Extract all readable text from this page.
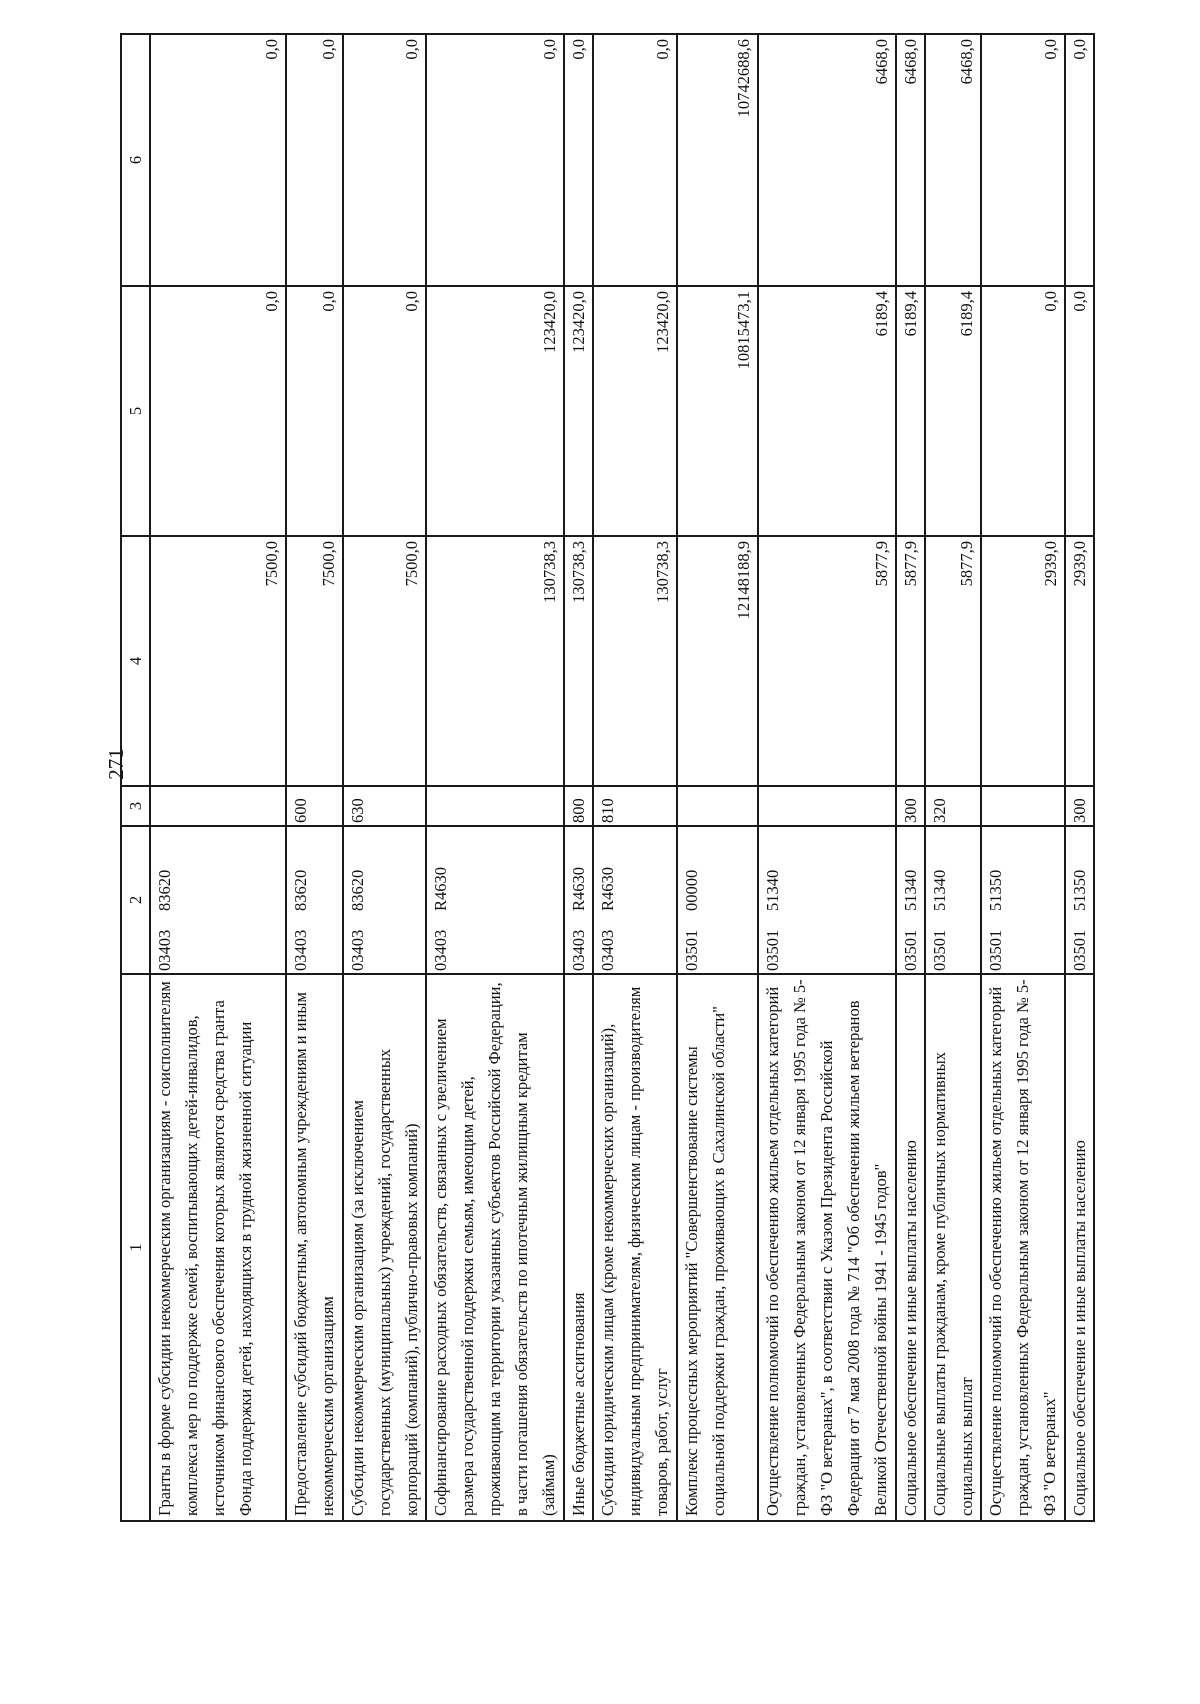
271
1	2	3	4	5	6
Гранты в форме субсидии некоммерческим организациям - соисполнителям комплекса мер по поддержке семей, воспитывающих детей-инвалидов, источником финансового обеспечения которых являются средства гранта Фонда поддержки детей, находящихся в трудной жизненной ситуации	0340383620		7500,0	0,0	0,0
Предоставление субсидий бюджетным, автономным учреждениям и иным некоммерческим организациям	0340383620	600	7500,0	0,0	0,0
Субсидии некоммерческим организациям (за исключением государственных (муниципальных) учреждений, государственных корпораций (компаний), публично-правовых компаний)	0340383620	630	7500,0	0,0	0,0
Софинансирование расходных обязательств, связанных с увеличением размера государственной поддержки семьям, имеющим детей, проживающим на территории указанных субъектов Российской Федерации, в части погашения обязательств по ипотечным жилищным кредитам (займам)	03403R4630		130738,3	123420,0	0,0
Иные бюджетные ассигнования	03403R4630	800	130738,3	123420,0	0,0
Субсидии юридическим лицам (кроме некоммерческих организаций), индивидуальным предпринимателям, физическим лицам - производителям товаров, работ, услуг	03403R4630	810	130738,3	123420,0	0,0
Комплекс процессных мероприятий "Совершенствование системы социальной поддержки граждан, проживающих в Сахалинской области"	0350100000		12148188,9	10815473,1	10742688,6
Осуществление полномочий по обеспечению жильем отдельных категорий граждан, установленных Федеральным законом от 12 января 1995 года № 5-ФЗ "О ветеранах", в соответствии с Указом Президента Российской Федерации от 7 мая 2008 года № 714 "Об обеспечении жильем ветеранов Великой Отечественной войны 1941 - 1945 годов"	0350151340		5877,9	6189,4	6468,0
Социальное обеспечение и иные выплаты населению	0350151340	300	5877,9	6189,4	6468,0
Социальные выплаты гражданам, кроме публичных нормативных социальных выплат	0350151340	320	5877,9	6189,4	6468,0
Осуществление полномочий по обеспечению жильем отдельных категорий граждан, установленных Федеральным законом от 12 января 1995 года № 5-ФЗ "О ветеранах"	0350151350		2939,0	0,0	0,0
Социальное обеспечение и иные выплаты населению	0350151350	300	2939,0	0,0	0,0
